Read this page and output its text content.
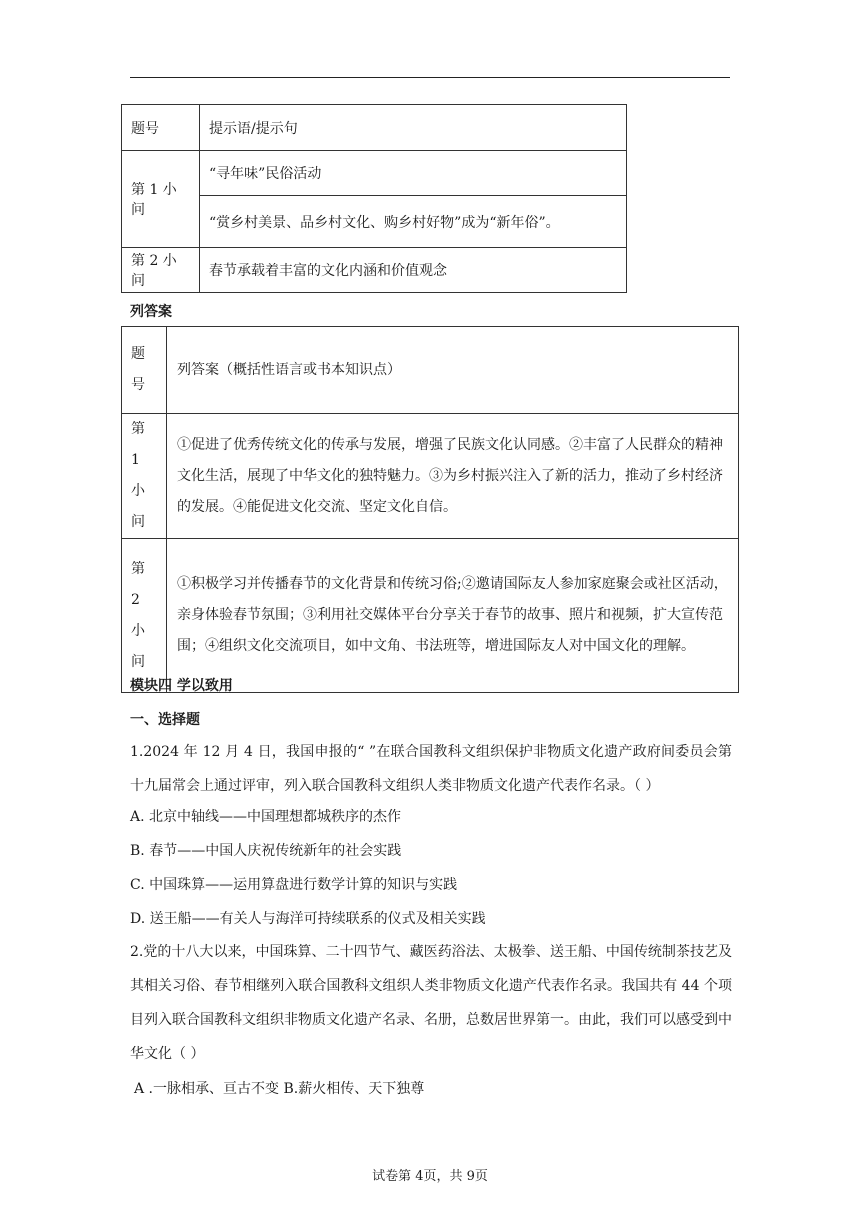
题号	提示语/提示句
第 1 小问	“寻年味”民俗活动
	“赏乡村美景、品乡村文化、购乡村好物”成为“新年俗”。
第 2 小问	春节承载着丰富的文化内涵和价值观念
列答案
题
号	列答案（概括性语言或书本知识点）

第 1
小
问	①促进了优秀传统文化的传承与发展，增强了民族文化认同感。②丰富了人民群众的精神文化生活，展现了中华文化的独特魅力。③为乡村振兴注入了新的活力，推动了乡村经济的发展。④能促进文化交流、坚定文化自信。

第 2
小
问	①积极学习并传播春节的文化背景和传统习俗;②邀请国际友人参加家庭聚会或社区活动，亲身体验春节氛围；③利用社交媒体平台分享关于春节的故事、照片和视频，扩大宣传范围；④组织文化交流项目，如中文角、书法班等，增进国际友人对中国文化的理解。
模块四 学以致用
一、选择题
1.2024 年 12 月 4 日，我国申报的“ ”在联合国教科文组织保护非物质文化遗产政府间委员会第十九届常会上通过评审，列入联合国教科文组织人类非物质文化遗产代表作名录。（ ）
A. 北京中轴线——中国理想都城秩序的杰作
B. 春节——中国人庆祝传统新年的社会实践
C. 中国珠算——运用算盘进行数学计算的知识与实践
D. 送王船——有关人与海洋可持续联系的仪式及相关实践
2.党的十八大以来，中国珠算、二十四节气、藏医药浴法、太极拳、送王船、中国传统制茶技艺及其相关习俗、春节相继列入联合国教科文组织人类非物质文化遗产代表作名录。我国共有 44 个项目列入联合国教科文组织非物质文化遗产名录、名册，总数居世界第一。由此，我们可以感受到中华文化（ ）
A .一脉相承、亘古不变 B.薪火相传、天下独尊
试卷第 4页，共 9页
